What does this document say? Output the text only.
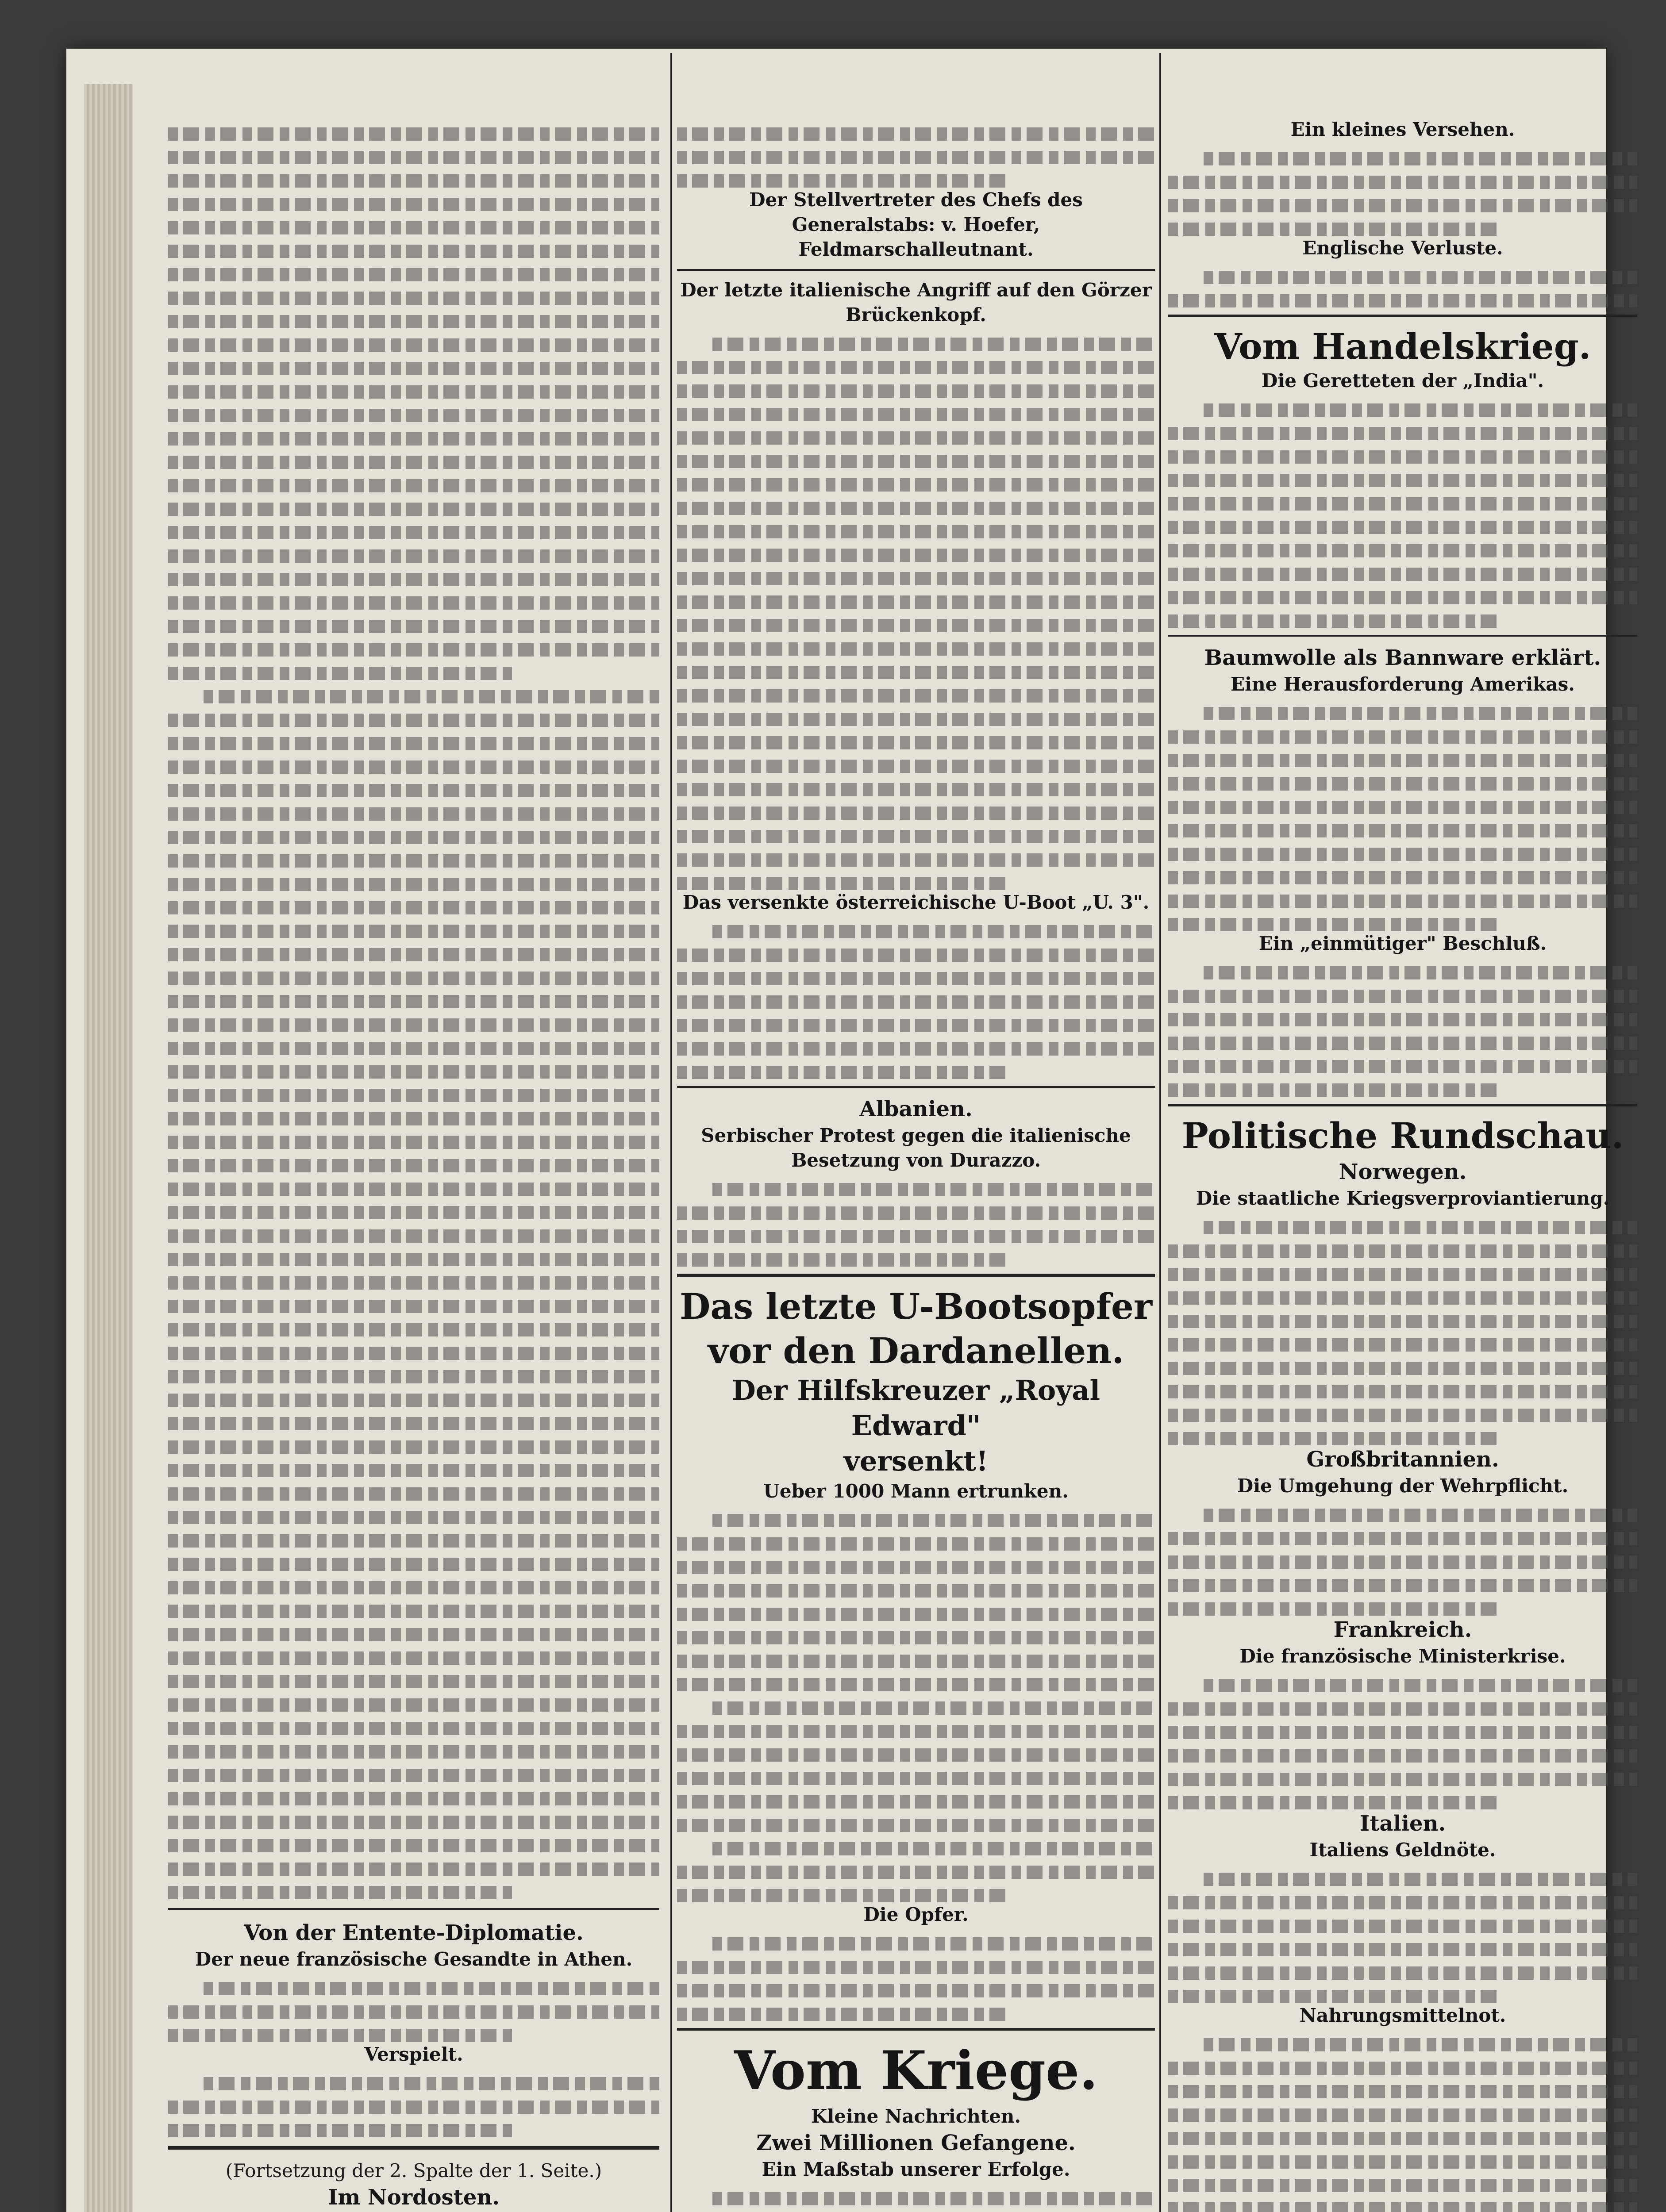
Von der Entente-Diplomatie.
Der neue französische Gesandte in Athen.
Verspielt.
(Fortsetzung der 2. Spalte der 1. Seite.)
Im Nordosten.
Der Stellvertreter des Chefs des Generalstabs: v. Hoefer, Feldmarschalleutnant.
Der letzte italienische Angriff auf den Görzer Brückenkopf.
Das versenkte österreichische U-Boot „U. 3".
Albanien.
Serbischer Protest gegen die italienische Besetzung von Durazzo.
Das letzte U-Bootsopfer
vor den Dardanellen.
Der Hilfskreuzer „Royal Edward"
versenkt!
Ueber 1000 Mann ertrunken.
Die Opfer.
Vom Kriege.
Kleine Nachrichten.
Zwei Millionen Gefangene.
Ein Maßstab unserer Erfolge.
Ein kleines Versehen.
Englische Verluste.
Vom Handelskrieg.
Die Geretteten der „India".
Baumwolle als Bannware erklärt.
Eine Herausforderung Amerikas.
Ein „einmütiger" Beschluß.
Politische Rundschau.
Norwegen.
Die staatliche Kriegsverproviantierung.
Großbritannien.
Die Umgehung der Wehrpflicht.
Frankreich.
Die französische Ministerkrise.
Italien.
Italiens Geldnöte.
Nahrungsmittelnot.
